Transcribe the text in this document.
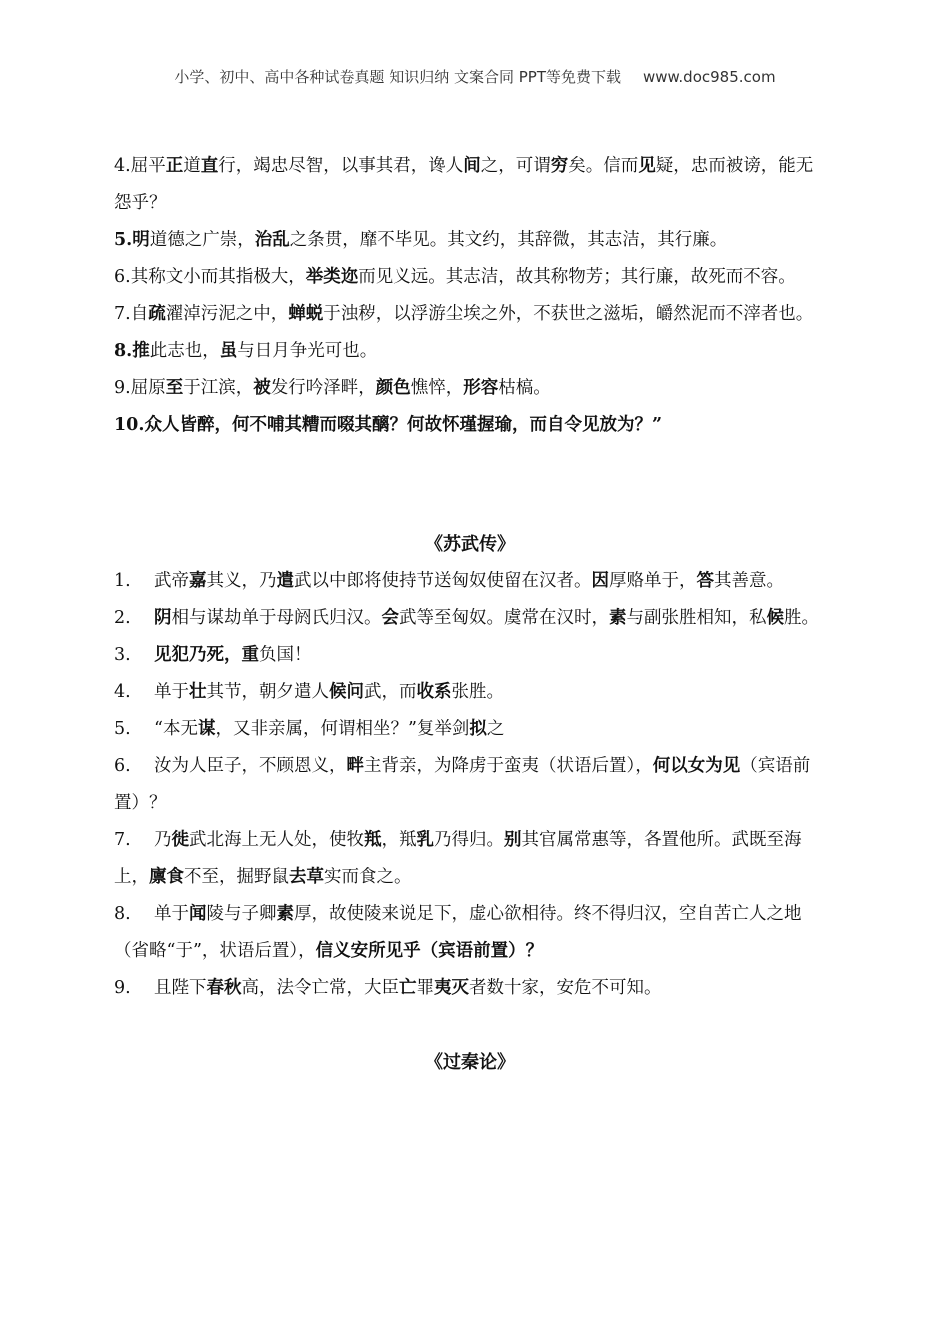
小学、初中、高中各种试卷真题 知识归纳 文案合同 PPT等免费下载 www.doc985.com

4.屈平正道直行，竭忠尽智，以事其君，谗人间之，可谓穷矣。信而见疑，忠而被谤，能无怨乎？

5.明道德之广崇，治乱之条贯，靡不毕见。其文约，其辞微，其志洁，其行廉。

6.其称文小而其指极大，举类迩而见义远。其志洁，故其称物芳；其行廉，故死而不容。

7.自疏濯淖污泥之中，蝉蜕于浊秽，以浮游尘埃之外，不获世之滋垢，皭然泥而不滓者也。

8.推此志也，虽与日月争光可也。

9.屈原至于江滨，被发行吟泽畔，颜色憔悴，形容枯槁。

10.众人皆醉，何不哺其糟而啜其醨？何故怀瑾握瑜，而自令见放为？”

《苏武传》

1. 武帝嘉其义，乃遣武以中郎将使持节送匈奴使留在汉者。因厚赂单于，答其善意。

2. 阴相与谋劫单于母阏氏归汉。会武等至匈奴。虞常在汉时，素与副张胜相知，私候胜。

3. 见犯乃死，重负国！

4. 单于壮其节，朝夕遣人候问武，而收系张胜。

5. “本无谋，又非亲属，何谓相坐？”复举剑拟之

6. 汝为人臣子，不顾恩义，畔主背亲，为降虏于蛮夷（状语后置），何以女为见（宾语前置）？

7. 乃徙武北海上无人处，使牧羝，羝乳乃得归。别其官属常惠等，各置他所。武既至海上，廪食不至，掘野鼠去草实而食之。

8. 单于闻陵与子卿素厚，故使陵来说足下，虚心欲相待。终不得归汉，空自苦亡人之地（省略“于”，状语后置），信义安所见乎（宾语前置）？

9. 且陛下春秋高，法令亡常，大臣亡罪夷灭者数十家，安危不可知。

《过秦论》
